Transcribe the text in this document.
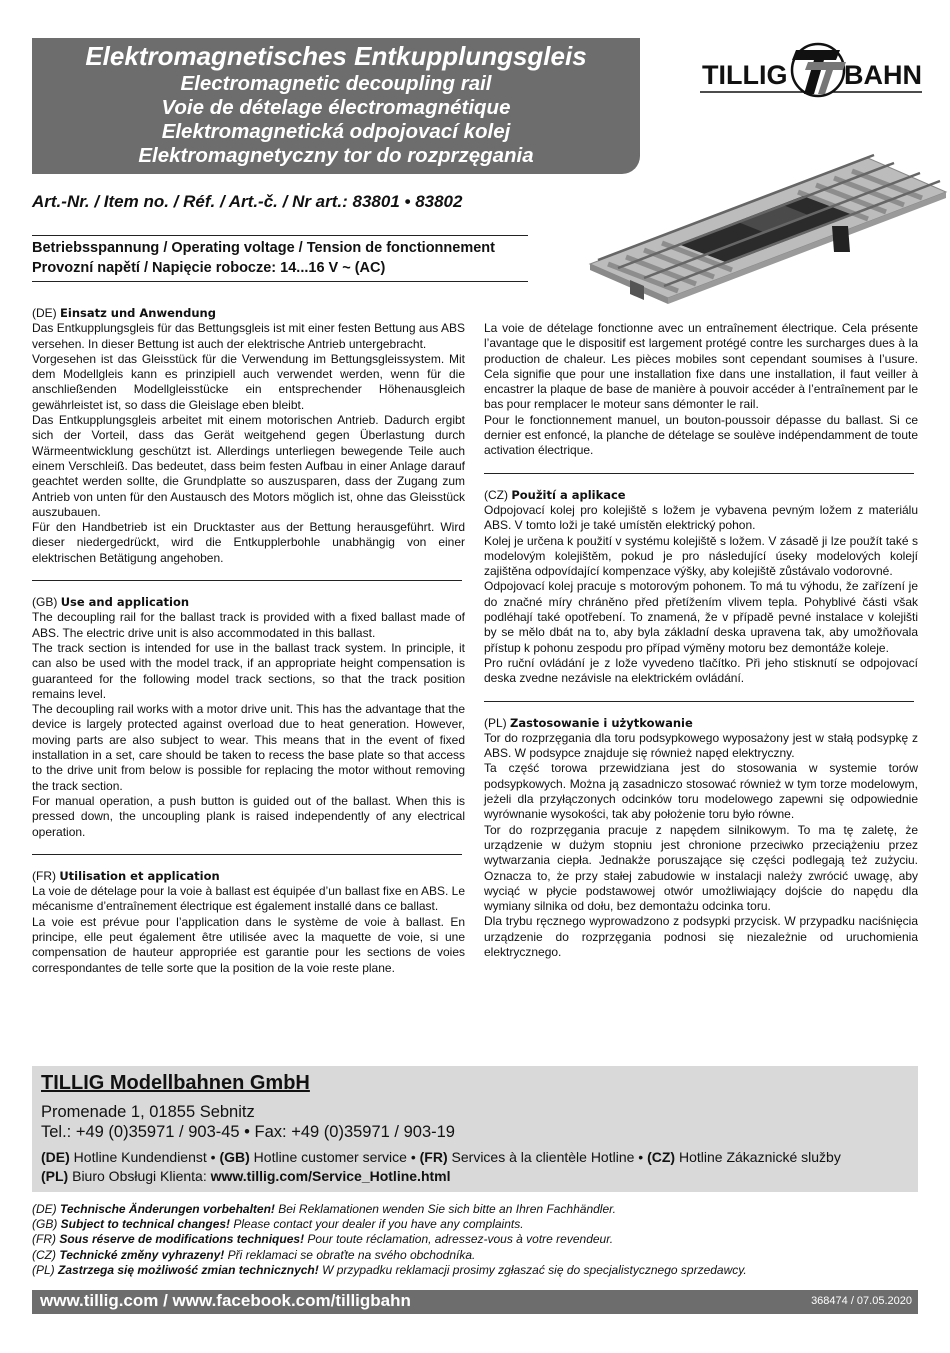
Elektromagnetisches Entkupplungsgleis
Electromagnetic decoupling rail
Voie de dételage électromagnétique
Elektromagnetická odpojovací kolej
Elektromagnetyczny tor do rozprzęgania
TILLIG BAHN
Art.-Nr. / Item no. / Réf. / Art.-č. / Nr art.: 83801 • 83802
Betriebsspannung / Operating voltage / Tension de fonctionnement
Provozní napětí / Napięcie robocze: 14...16 V ~ (AC)
(DE) Einsatz und Anwendung

Das Entkupplungsgleis für das Bettungsgleis ist mit einer festen Bettung aus ABS versehen. In dieser Bettung ist auch der elektrische Antrieb untergebracht.

Vorgesehen ist das Gleisstück für die Verwendung im Bettungsgleissystem. Mit dem Modellgleis kann es prinzipiell auch verwendet werden, wenn für die anschließenden Modellgleisstücke ein entsprechender Höhenausgleich gewährleistet ist, so dass die Gleislage eben bleibt.

Das Entkupplungsgleis arbeitet mit einem motorischen Antrieb. Dadurch ergibt sich der Vorteil, dass das Gerät weitgehend gegen Überlastung durch Wärmeentwicklung geschützt ist. Allerdings unterliegen bewegende Teile auch einem Verschleiß. Das bedeutet, dass beim festen Aufbau in einer Anlage darauf geachtet werden sollte, die Grundplatte so auszusparen, dass der Zugang zum Antrieb von unten für den Austausch des Motors möglich ist, ohne das Gleisstück auszubauen.

Für den Handbetrieb ist ein Drucktaster aus der Bettung herausgeführt. Wird dieser niedergedrückt, wird die Entkupplerbohle unabhängig von einer elektrischen Betätigung angehoben.

(GB) Use and application

The decoupling rail for the ballast track is provided with a fixed ballast made of ABS. The electric drive unit is also accommodated in this ballast.

The track section is intended for use in the ballast track system. In principle, it can also be used with the model track, if an appropriate height compensation is guaranteed for the following model track sections, so that the track position remains level.

The decoupling rail works with a motor drive unit. This has the advantage that the device is largely protected against overload due to heat generation. However, moving parts are also subject to wear. This means that in the event of fixed installation in a set, care should be taken to recess the base plate so that access to the drive unit from below is possible for replacing the motor without removing the track section.

For manual operation, a push button is guided out of the ballast. When this is pressed down, the uncoupling plank is raised independently of any electrical operation.

(FR) Utilisation et application

La voie de dételage pour la voie à ballast est équipée d’un ballast fixe en ABS. Le mécanisme d’entraînement électrique est également installé dans ce ballast.

La voie est prévue pour l’application dans le système de voie à ballast. En principe, elle peut également être utilisée avec la maquette de voie, si une compensation de hauteur appropriée est garantie pour les sections de voies correspondantes de telle sorte que la position de la voie reste plane.

La voie de dételage fonctionne avec un entraînement électrique. Cela présente l’avantage que le dispositif est largement protégé contre les surcharges dues à la production de chaleur. Les pièces mobiles sont cependant soumises à l’usure. Cela signifie que pour une installation fixe dans une installation, il faut veiller à encastrer la plaque de base de manière à pouvoir accéder à l’entraînement par le bas pour remplacer le moteur sans démonter le rail.

Pour le fonctionnement manuel, un bouton-poussoir dépasse du ballast. Si ce dernier est enfoncé, la planche de dételage se soulève indépendamment de toute activation électrique.

(CZ) Použití a aplikace

Odpojovací kolej pro kolejiště s ložem je vybavena pevným ložem z materiálu ABS. V tomto loži je také umístěn elektrický pohon.

Kolej je určena k použití v systému kolejiště s ložem. V zásadě ji lze použít také s modelovým kolejištěm, pokud je pro následující úseky modelových kolejí zajištěna odpovídající kompenzace výšky, aby kolejiště zůstávalo vodorovné.

Odpojovací kolej pracuje s motorovým pohonem. To má tu výhodu, že zařízení je do značné míry chráněno před přetížením vlivem tepla. Pohyblivé části však podléhají také opotřebení. To znamená, že v případě pevné instalace v kolejišti by se mělo dbát na to, aby byla základní deska upravena tak, aby umožňovala přístup k pohonu zespodu pro případ výměny motoru bez demontáže koleje.

Pro ruční ovládání je z lože vyvedeno tlačítko. Při jeho stisknutí se odpojovací deska zvedne nezávisle na elektrickém ovládání.

(PL) Zastosowanie i użytkowanie

Tor do rozprzęgania dla toru podsypkowego wyposażony jest w stałą podsypkę z ABS. W podsypce znajduje się również napęd elektryczny.

Ta część torowa przewidziana jest do stosowania w systemie torów podsypkowych. Można ją zasadniczo stosować również w tym torze modelowym, jeżeli dla przyłączonych odcinków toru modelowego zapewni się odpowiednie wyrównanie wysokości, tak aby położenie toru było równe.

Tor do rozprzęgania pracuje z napędem silnikowym. To ma tę zaletę, że urządzenie w dużym stopniu jest chronione przeciwko przeciążeniu przez wytwarzania ciepła. Jednakże poruszające się części podlegają też zużyciu. Oznacza to, że przy stałej zabudowie w instalacji należy zwrócić uwagę, aby wyciąć w płycie podstawowej otwór umożliwiający dojście do napędu dla wymiany silnika od dołu, bez demontażu odcinka toru.

Dla trybu ręcznego wyprowadzono z podsypki przycisk. W przypadku naciśnięcia urządzenie do rozprzęgania podnosi się niezależnie od uruchomienia elektrycznego.

TILLIG Modellbahnen GmbH
Promenade 1, 01855 Sebnitz
Tel.: +49 (0)35971 / 903-45 • Fax: +49 (0)35971 / 903-19
(DE) Hotline Kundendienst • (GB) Hotline customer service • (FR) Services à la clientèle Hotline • (CZ) Hotline Zákaznické služby
(PL) Biuro Obsługi Klienta: www.tillig.com/Service_Hotline.html
(DE) Technische Änderungen vorbehalten! Bei Reklamationen wenden Sie sich bitte an Ihren Fachhändler.
(GB) Subject to technical changes! Please contact your dealer if you have any complaints.
(FR) Sous réserve de modifications techniques! Pour toute réclamation, adressez-vous à votre revendeur.
(CZ) Technické změny vyhrazeny! Při reklamaci se obraťte na svého obchodníka.
(PL) Zastrzega się możliwość zmian technicznych! W przypadku reklamacji prosimy zgłaszać się do specjalistycznego sprzedawcy.
www.tillig.com / www.facebook.com/tilligbahn	368474 / 07.05.2020
